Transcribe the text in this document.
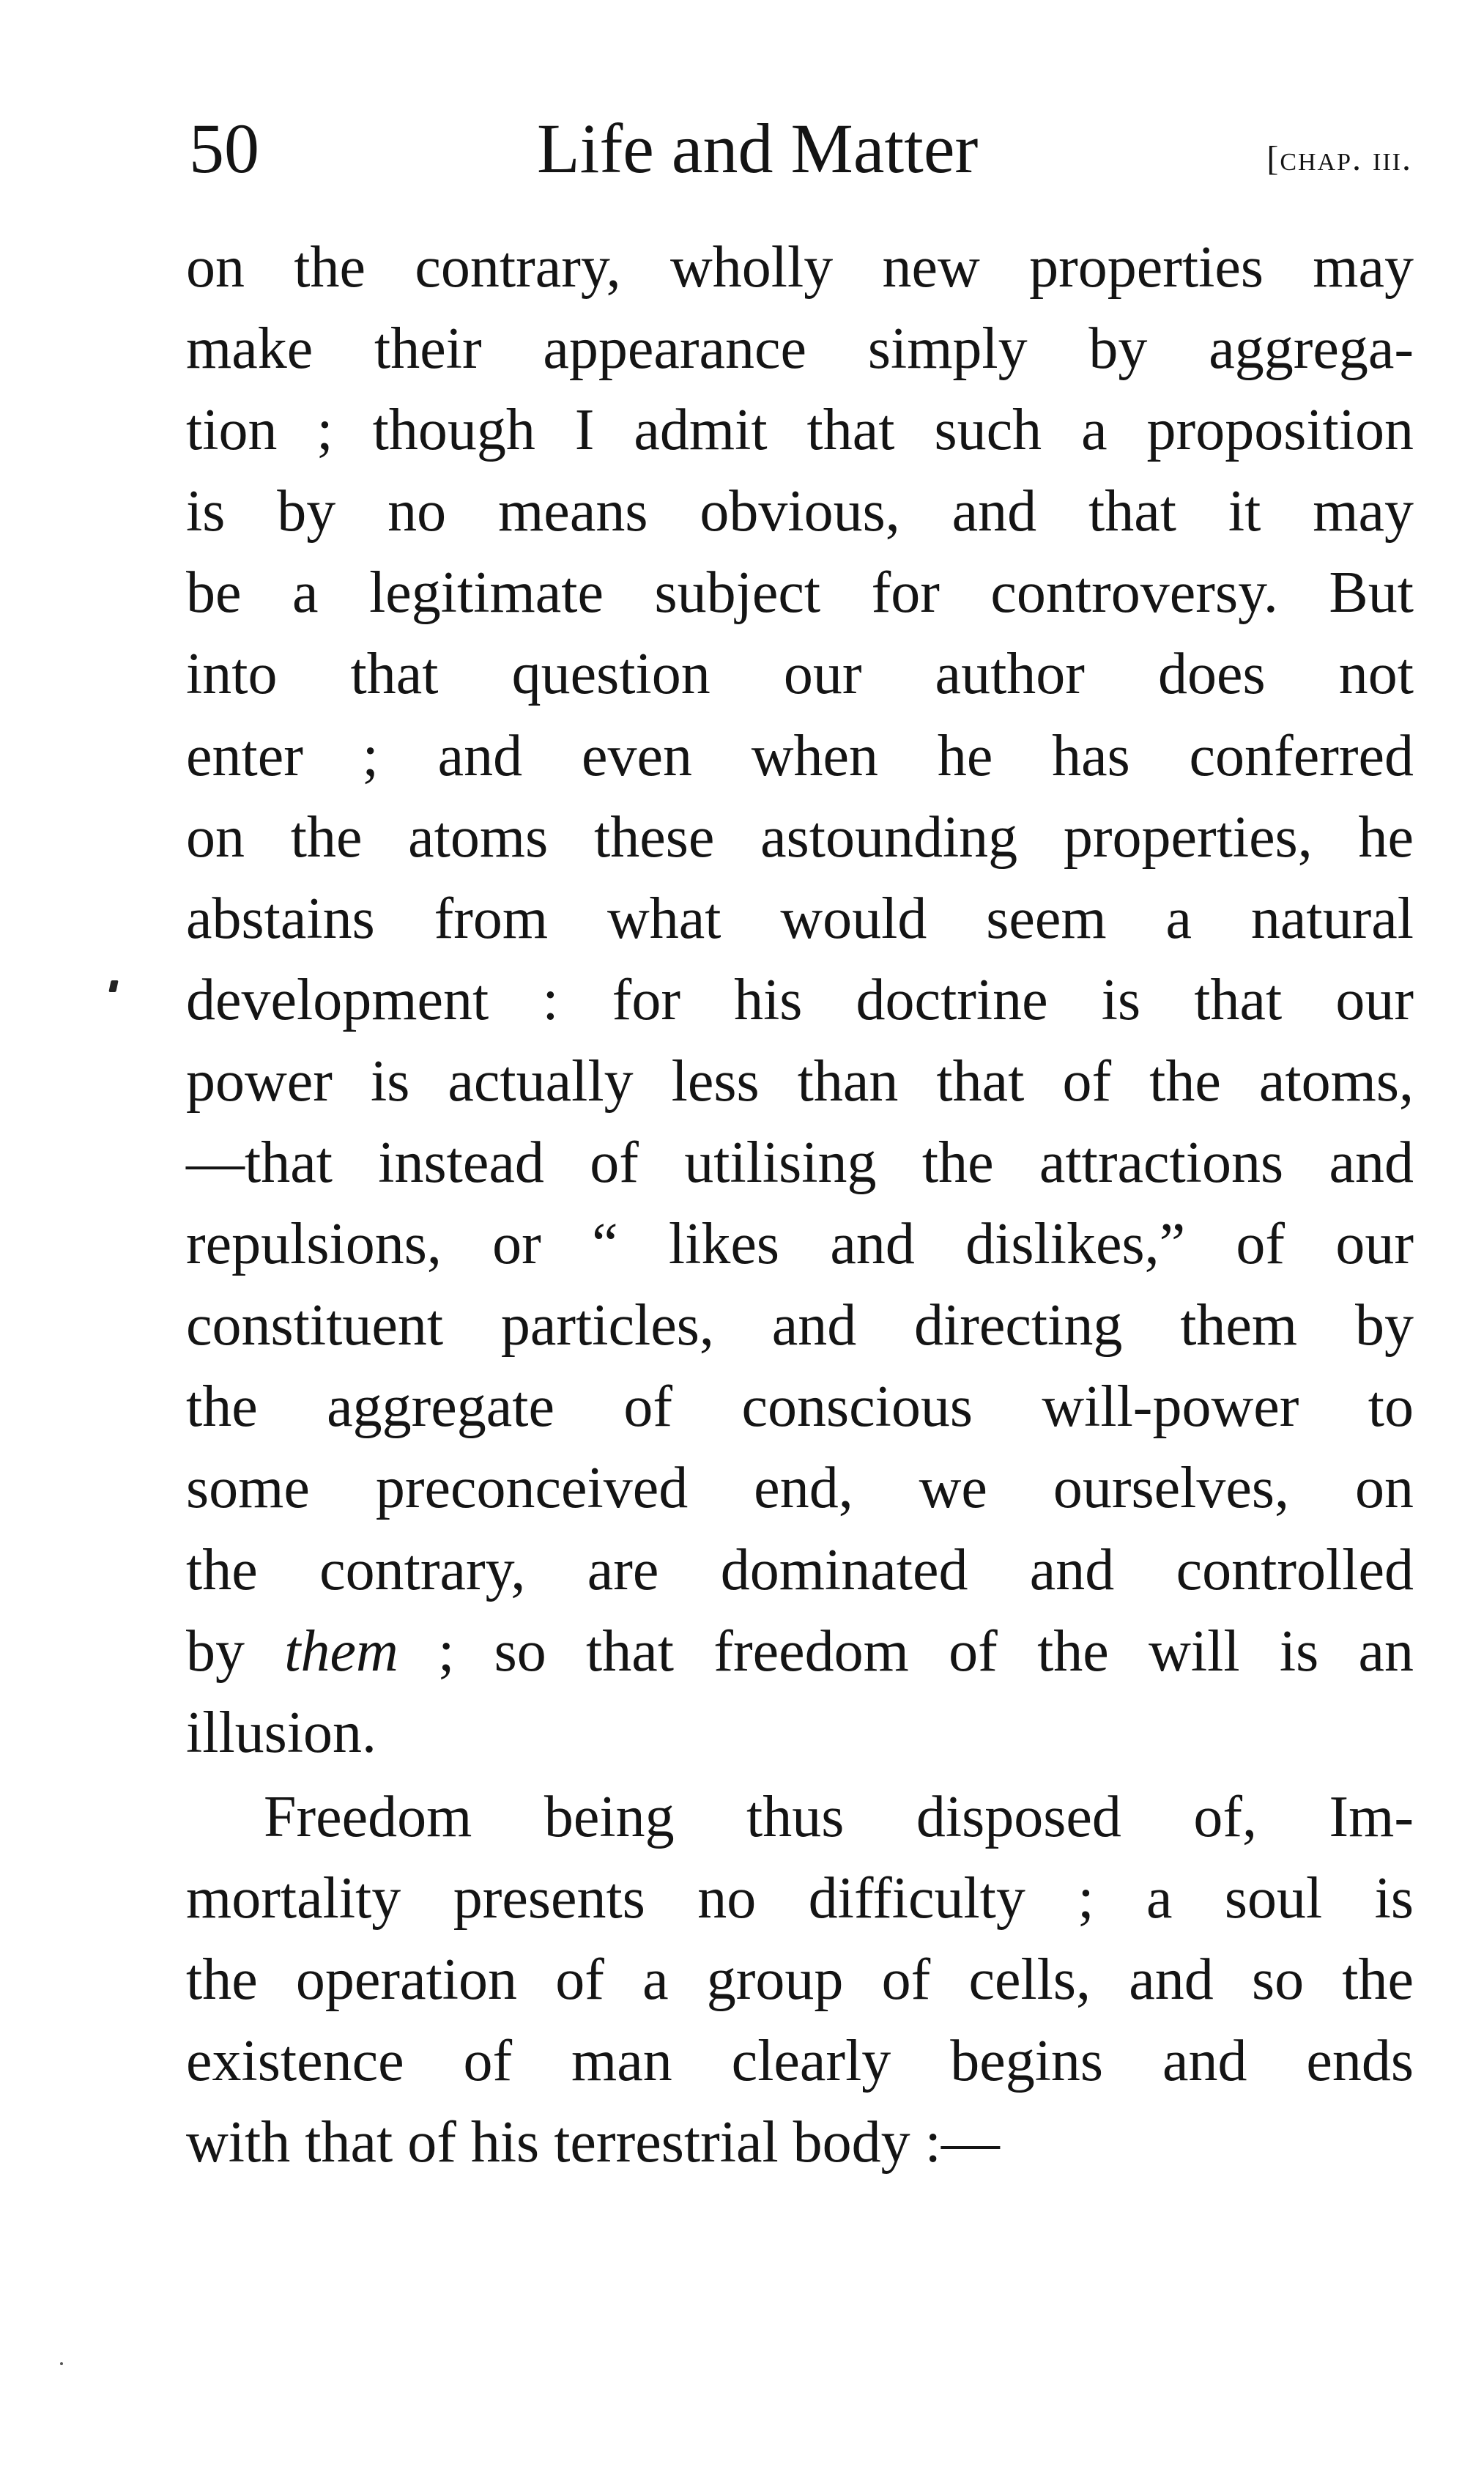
50	Life and Matter	[chap. iii.
on the contrary, wholly new properties may
make their appearance simply by aggrega-
tion ; though I admit that such a proposition
is by no means obvious, and that it may
be a legitimate subject for controversy. But
into that question our author does not
enter ; and even when he has conferred
on the atoms these astounding properties, he
abstains from what would seem a natural
development : for his doctrine is that our
power is actually less than that of the atoms,
—that instead of utilising the attractions and
repulsions, or “ likes and dislikes,” of our
constituent particles, and directing them by
the aggregate of conscious will-power to
some preconceived end, we ourselves, on
the contrary, are dominated and controlled
by them ; so that freedom of the will is an
illusion.
Freedom being thus disposed of, Im-
mortality presents no difficulty ; a soul is
the operation of a group of cells, and so the
existence of man clearly begins and ends
with that of his terrestrial body :—
